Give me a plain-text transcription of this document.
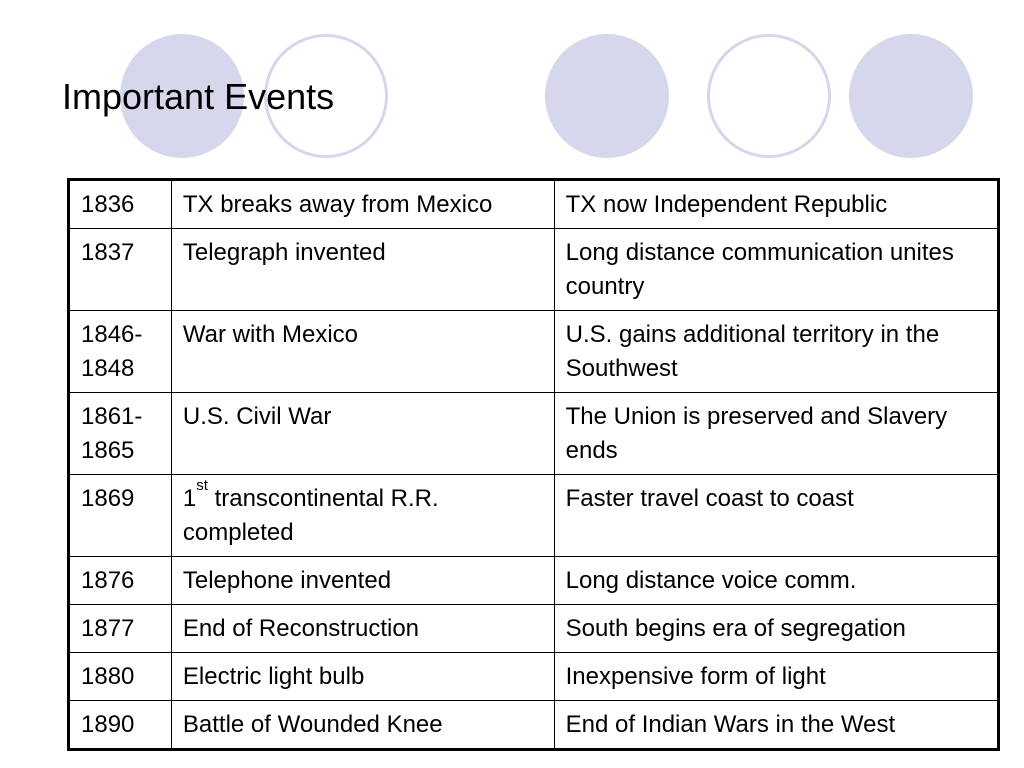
Important Events
1836	TX breaks away from Mexico	TX now Independent Republic
1837	Telegraph invented	Long distance communication unites country
1846-1848	War with Mexico	U.S. gains additional territory in the Southwest
1861-1865	U.S. Civil War	The Union is preserved and Slavery ends
1869	1st transcontinental R.R. completed	Faster travel coast to coast
1876	Telephone invented	Long distance voice comm.
1877	End of Reconstruction	South begins era of segregation
1880	Electric light bulb	Inexpensive form of light
1890	Battle of Wounded Knee	End of Indian Wars in the West
